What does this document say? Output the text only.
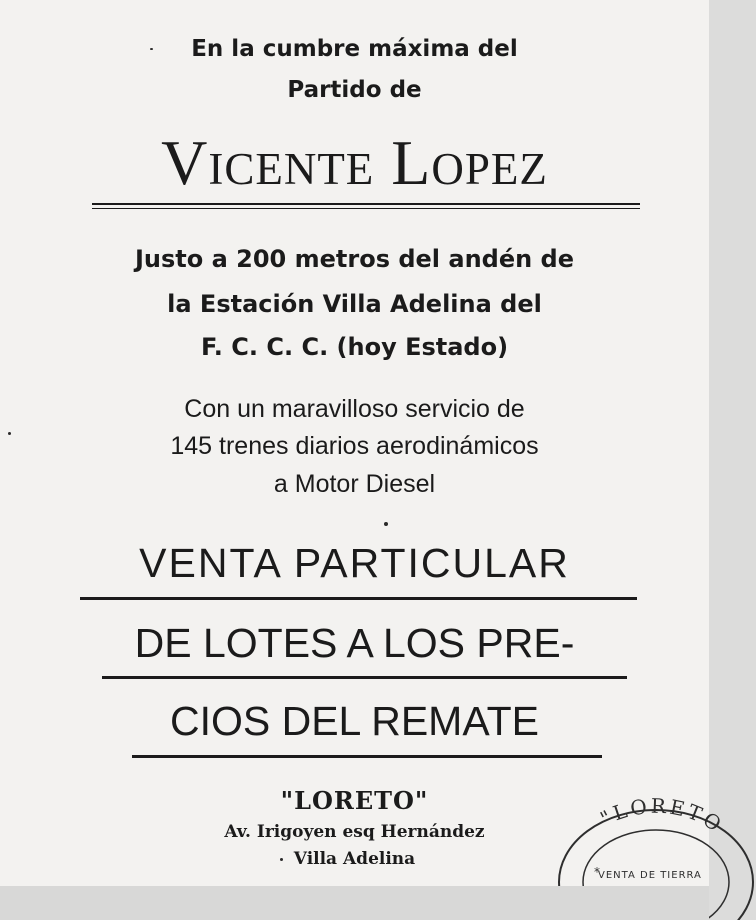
En la cumbre máxima del
Partido de
Vicente Lopez
Justo a 200 metros del andén de
la Estación Villa Adelina del
F. C. C. C. (hoy Estado)
Con un maravilloso servicio de
145 trenes diarios aerodinámicos
a Motor Diesel
VENTA PARTICULAR
DE LOTES A LOS PRE-
CIOS DEL REMATE
"LORETO"
Av. Irigoyen esq Hernández
Villa Adelina
"LORETO
*
VENTA DE TIERRA
